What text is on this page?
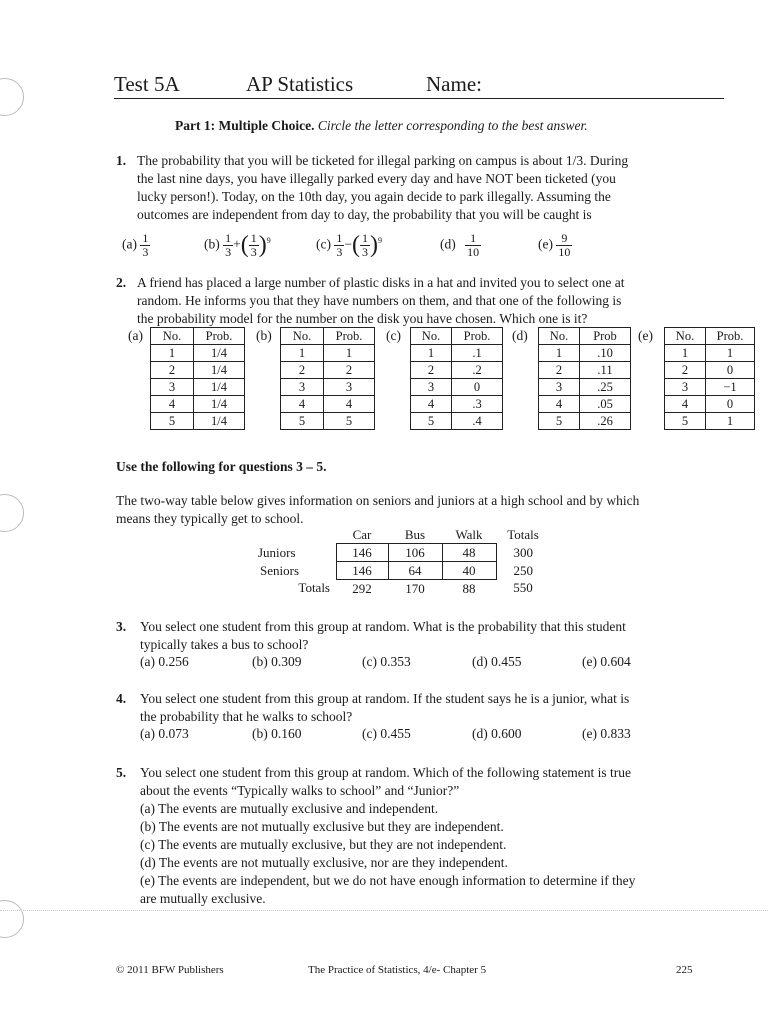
Test 5A	AP Statistics	Name:
Part 1: Multiple Choice. Circle the letter corresponding to the best answer.
1. The probability that you will be ticketed for illegal parking on campus is about 1/3. During
the last nine days, you have illegally parked every day and have NOT been ticketed (you
lucky person!). Today, on the 10th day, you again decide to park illegally. Assuming the
outcomes are independent from day to day, the probability that you will be caught is
$(a) \frac{1}{3}$	$(b) \frac{1}{3}$ +( $\frac{1}{3} )^9$	$(c) \frac{1}{3}$ −( $\frac{1}{3} )^9$	$(d) \frac{1}{10}$	$(e) \frac{9}{10}$
2. A friend has placed a large number of plastic disks in a hat and invited you to select one at
random. He informs you that they have numbers on them, and that one of the following is
the probability model for the number on the disk you have chosen. Which one is it?
(a) No.	Prob.
1	1/4
2	1/4
3	1/4
4	1/4
5	1/4
(b) No.	Prob.
1	1
2	2
3	3
4	4
5	5
(c) No.	Prob.
1	.1
2	.2
3	0
4	.3
5	.4
(d) No.	Prob
1	.10
2	.11
3	.25
4	.05
5	.26
(e) No.	Prob.
1	1
2	0
3	−1
4	0
5	1
Use the following for questions 3 – 5.
The two-way table below gives information on seniors and juniors at a high school and by which
means they typically get to school.
	Car	Bus	Walk	Totals
Juniors	146	106	48	300
Seniors	146	64	40	250
Totals	292	170	88	550
3. You select one student from this group at random. What is the probability that this student
typically takes a bus to school?
(a) 0.256	(b) 0.309	(c) 0.353	(d) 0.455	(e) 0.604
4. You select one student from this group at random. If the student says he is a junior, what is
the probability that he walks to school?
(a) 0.073	(b) 0.160	(c) 0.455	(d) 0.600	(e) 0.833
5. You select one student from this group at random. Which of the following statement is true
about the events “Typically walks to school” and “Junior?”
(a) The events are mutually exclusive and independent.
(b) The events are not mutually exclusive but they are independent.
(c) The events are mutually exclusive, but they are not independent.
(d) The events are not mutually exclusive, nor are they independent.
(e) The events are independent, but we do not have enough information to determine if they
are mutually exclusive.
© 2011 BFW Publishers	The Practice of Statistics, 4/e- Chapter 5	225
